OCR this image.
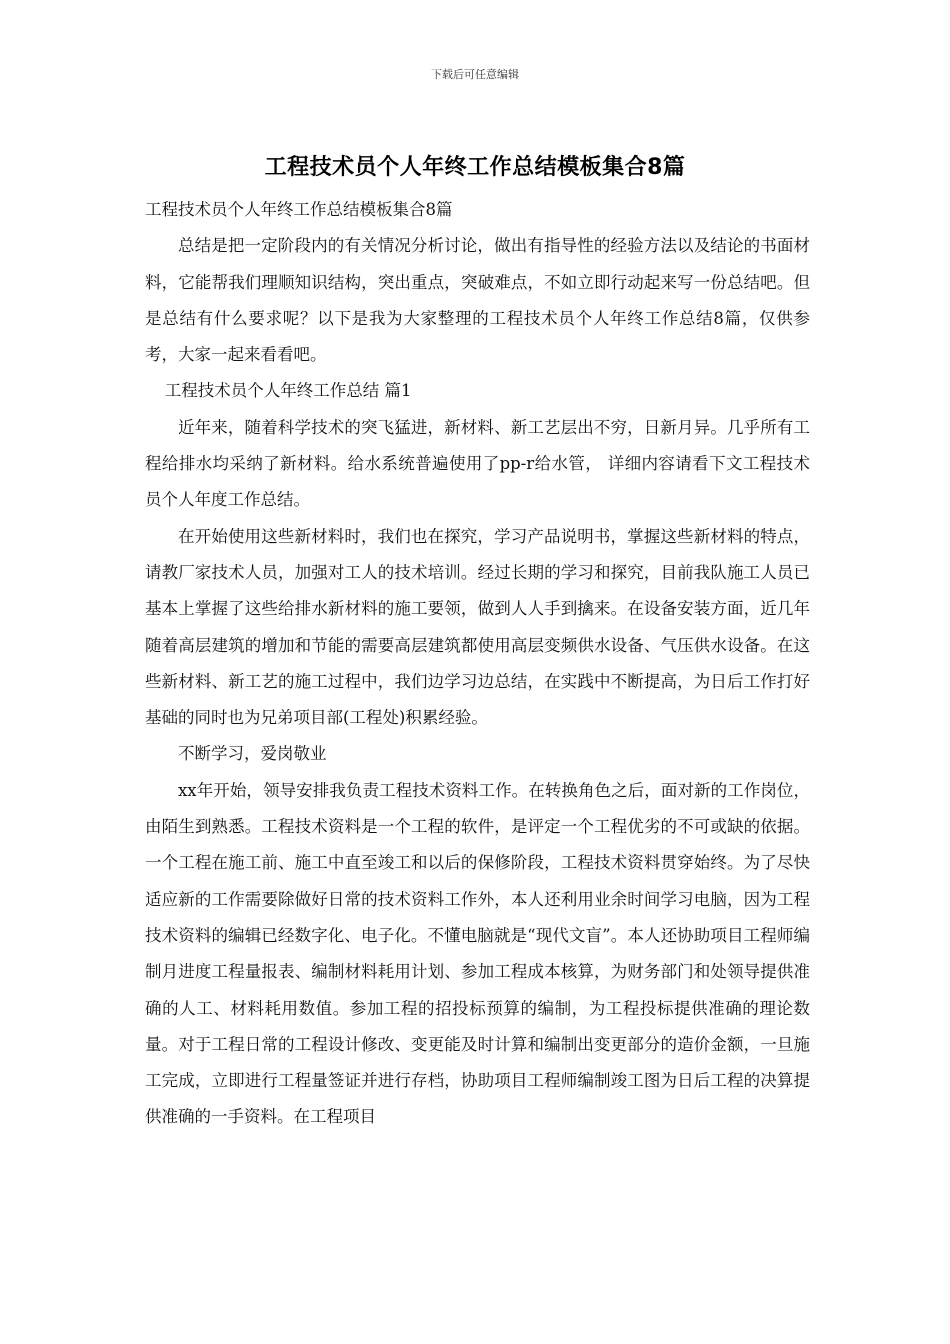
下载后可任意编辑
工程技术员个人年终工作总结模板集合8篇

工程技术员个人年终工作总结模板集合8篇

总结是把一定阶段内的有关情况分析讨论，做出有指导性的经验方法以及结论的书面材料，它能帮我们理顺知识结构，突出重点，突破难点，不如立即行动起来写一份总结吧。但是总结有什么要求呢？以下是我为大家整理的工程技术员个人年终工作总结8篇，仅供参考，大家一起来看看吧。

工程技术员个人年终工作总结 篇1

近年来，随着科学技术的突飞猛进，新材料、新工艺层出不穷，日新月异。几乎所有工程给排水均采纳了新材料。给水系统普遍使用了pp-r给水管， 详细内容请看下文工程技术员个人年度工作总结。

在开始使用这些新材料时，我们也在探究，学习产品说明书，掌握这些新材料的特点，请教厂家技术人员，加强对工人的技术培训。经过长期的学习和探究，目前我队施工人员已基本上掌握了这些给排水新材料的施工要领，做到人人手到擒来。在设备安装方面，近几年随着高层建筑的增加和节能的需要高层建筑都使用高层变频供水设备、气压供水设备。在这些新材料、新工艺的施工过程中，我们边学习边总结，在实践中不断提高，为日后工作打好基础的同时也为兄弟项目部(工程处)积累经验。

不断学习，爱岗敬业

xx年开始，领导安排我负责工程技术资料工作。在转换角色之后，面对新的工作岗位，由陌生到熟悉。工程技术资料是一个工程的软件，是评定一个工程优劣的不可或缺的依据。一个工程在施工前、施工中直至竣工和以后的保修阶段，工程技术资料贯穿始终。为了尽快适应新的工作需要除做好日常的技术资料工作外，本人还利用业余时间学习电脑，因为工程技术资料的编辑已经数字化、电子化。不懂电脑就是“现代文盲”。本人还协助项目工程师编制月进度工程量报表、编制材料耗用计划、参加工程成本核算，为财务部门和处领导提供准确的人工、材料耗用数值。参加工程的招投标预算的编制，为工程投标提供准确的理论数量。对于工程日常的工程设计修改、变更能及时计算和编制出变更部分的造价金额，一旦施工完成，立即进行工程量签证并进行存档，协助项目工程师编制竣工图为日后工程的决算提供准确的一手资料。在工程项目
